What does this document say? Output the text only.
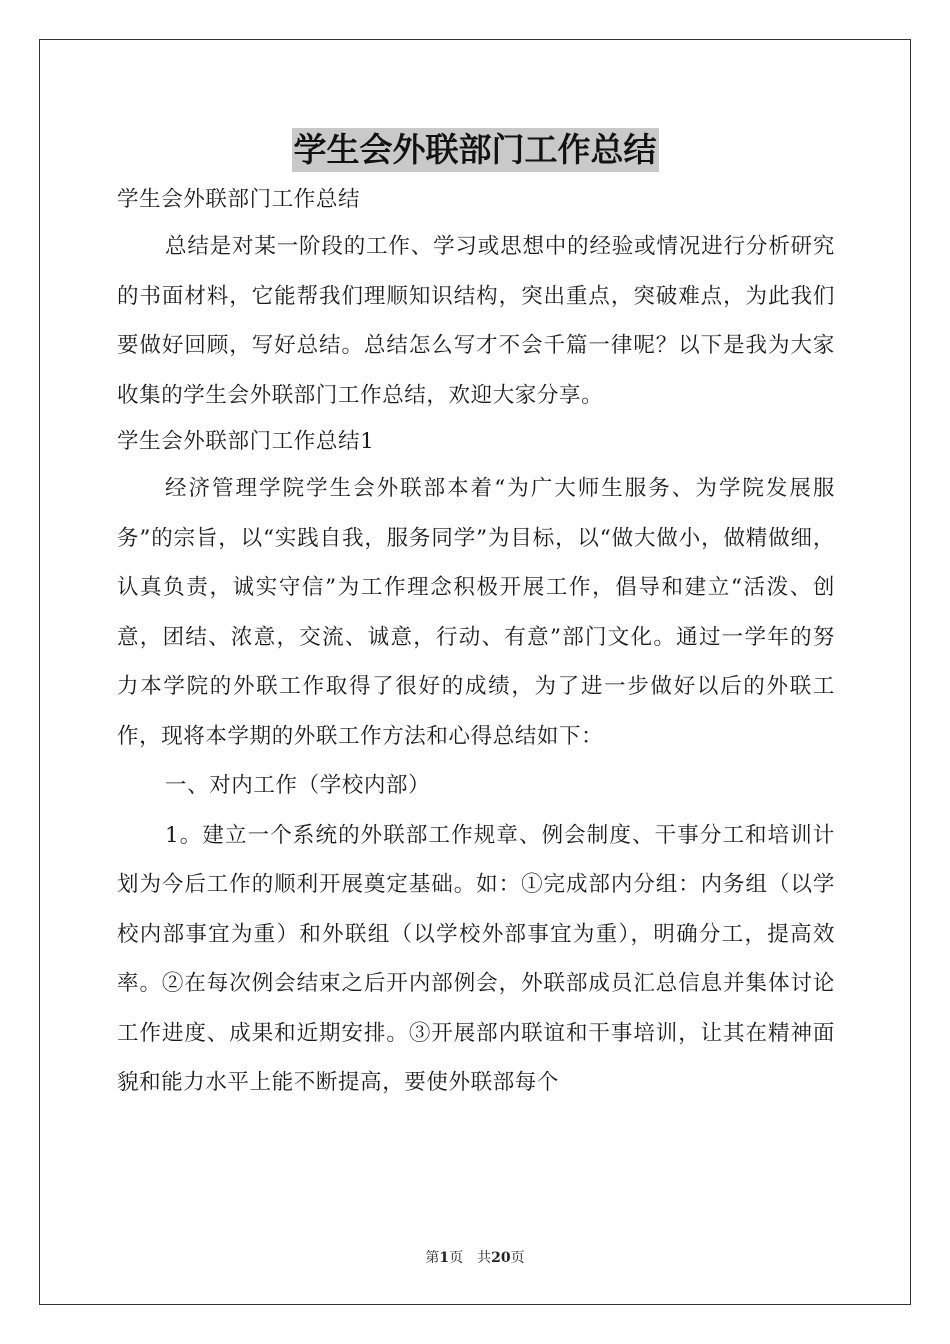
学生会外联部门工作总结

学生会外联部门工作总结

总结是对某一阶段的工作、学习或思想中的经验或情况进行分析研究的书面材料，它能帮我们理顺知识结构，突出重点，突破难点，为此我们要做好回顾，写好总结。总结怎么写才不会千篇一律呢？以下是我为大家收集的学生会外联部门工作总结，欢迎大家分享。

学生会外联部门工作总结1

经济管理学院学生会外联部本着“为广大师生服务、为学院发展服务”的宗旨，以“实践自我，服务同学”为目标，以“做大做小，做精做细，认真负责，诚实守信”为工作理念积极开展工作，倡导和建立“活泼、创意，团结、浓意，交流、诚意，行动、有意”部门文化。通过一学年的努力本学院的外联工作取得了很好的成绩，为了进一步做好以后的外联工作，现将本学期的外联工作方法和心得总结如下：

一、对内工作（学校内部）

1。建立一个系统的外联部工作规章、例会制度、干事分工和培训计划为今后工作的顺利开展奠定基础。如：①完成部内分组：内务组（以学校内部事宜为重）和外联组（以学校外部事宜为重），明确分工，提高效率。②在每次例会结束之后开内部例会，外联部成员汇总信息并集体讨论工作进度、成果和近期安排。③开展部内联谊和干事培训，让其在精神面貌和能力水平上能不断提高，要使外联部每个

第1页 共20页
